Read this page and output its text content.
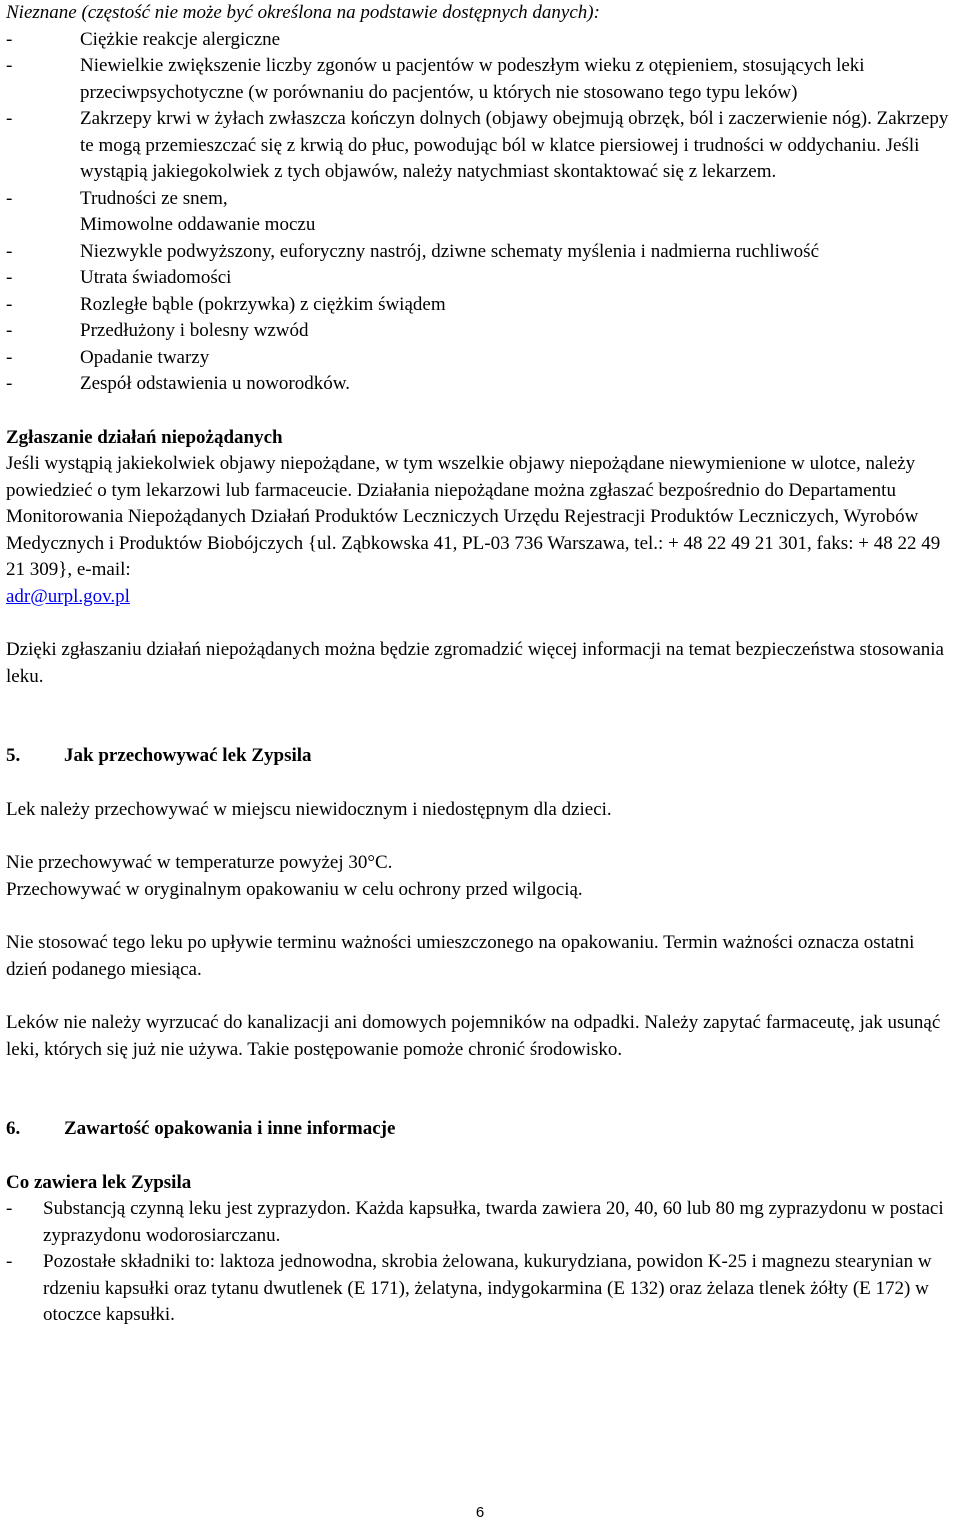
Nieznane (częstość nie może być określona na podstawie dostępnych danych):

-	Ciężkie reakcje alergiczne
-	Niewielkie zwiększenie liczby zgonów u pacjentów w podeszłym wieku z otępieniem, stosujących leki przeciwpsychotyczne (w porównaniu do pacjentów, u których nie stosowano tego typu leków)
-	Zakrzepy krwi w żyłach zwłaszcza kończyn dolnych (objawy obejmują obrzęk, ból i zaczerwienie nóg). Zakrzepy te mogą przemieszczać się z krwią do płuc, powodując ból w klatce piersiowej i trudności w oddychaniu. Jeśli wystąpią jakiegokolwiek z tych objawów, należy natychmiast skontaktować się z lekarzem.
-	Trudności ze snem,

Mimowolne oddawanie moczu

-	Niezwykle podwyższony, euforyczny nastrój, dziwne schematy myślenia i nadmierna ruchliwość
-	Utrata świadomości
-	Rozległe bąble (pokrzywka) z ciężkim świądem
-	Przedłużony i bolesny wzwód
-	Opadanie twarzy
-	Zespół odstawienia u noworodków.
Zgłaszanie działań niepożądanych

Jeśli wystąpią jakiekolwiek objawy niepożądane, w tym wszelkie objawy niepożądane niewymienione w ulotce, należy powiedzieć o tym lekarzowi lub farmaceucie. Działania niepożądane można zgłaszać bezpośrednio do Departamentu Monitorowania Niepożądanych Działań Produktów Leczniczych Urzędu Rejestracji Produktów Leczniczych, Wyrobów Medycznych i Produktów Biobójczych {ul. Ząbkowska 41, PL-03 736 Warszawa, tel.: + 48 22 49 21 301, faks: + 48 22 49 21 309}, e-mail:
adr@urpl.gov.pl

Dzięki zgłaszaniu działań niepożądanych można będzie zgromadzić więcej informacji na temat bezpieczeństwa stosowania leku.

5.	Jak przechowywać lek Zypsila

Lek należy przechowywać w miejscu niewidocznym i niedostępnym dla dzieci.

Nie przechowywać w temperaturze powyżej 30°C.

Przechowywać w oryginalnym opakowaniu w celu ochrony przed wilgocią.

Nie stosować tego leku po upływie terminu ważności umieszczonego na opakowaniu. Termin ważności oznacza ostatni dzień podanego miesiąca.

Leków nie należy wyrzucać do kanalizacji ani domowych pojemników na odpadki. Należy zapytać farmaceutę, jak usunąć leki, których się już nie używa. Takie postępowanie pomoże chronić środowisko.

6.	Zawartość opakowania i inne informacje
Co zawiera lek Zypsila
-	Substancją czynną leku jest zyprazydon. Każda kapsułka, twarda zawiera 20, 40, 60 lub 80 mg zyprazydonu w postaci zyprazydonu wodorosiarczanu.
-	Pozostałe składniki to: laktoza jednowodna, skrobia żelowana, kukurydziana, powidon K-25 i magnezu stearynian w rdzeniu kapsułki oraz tytanu dwutlenek (E 171), żelatyna, indygokarmina (E 132) oraz żelaza tlenek żółty (E 172) w otoczce kapsułki.
6
